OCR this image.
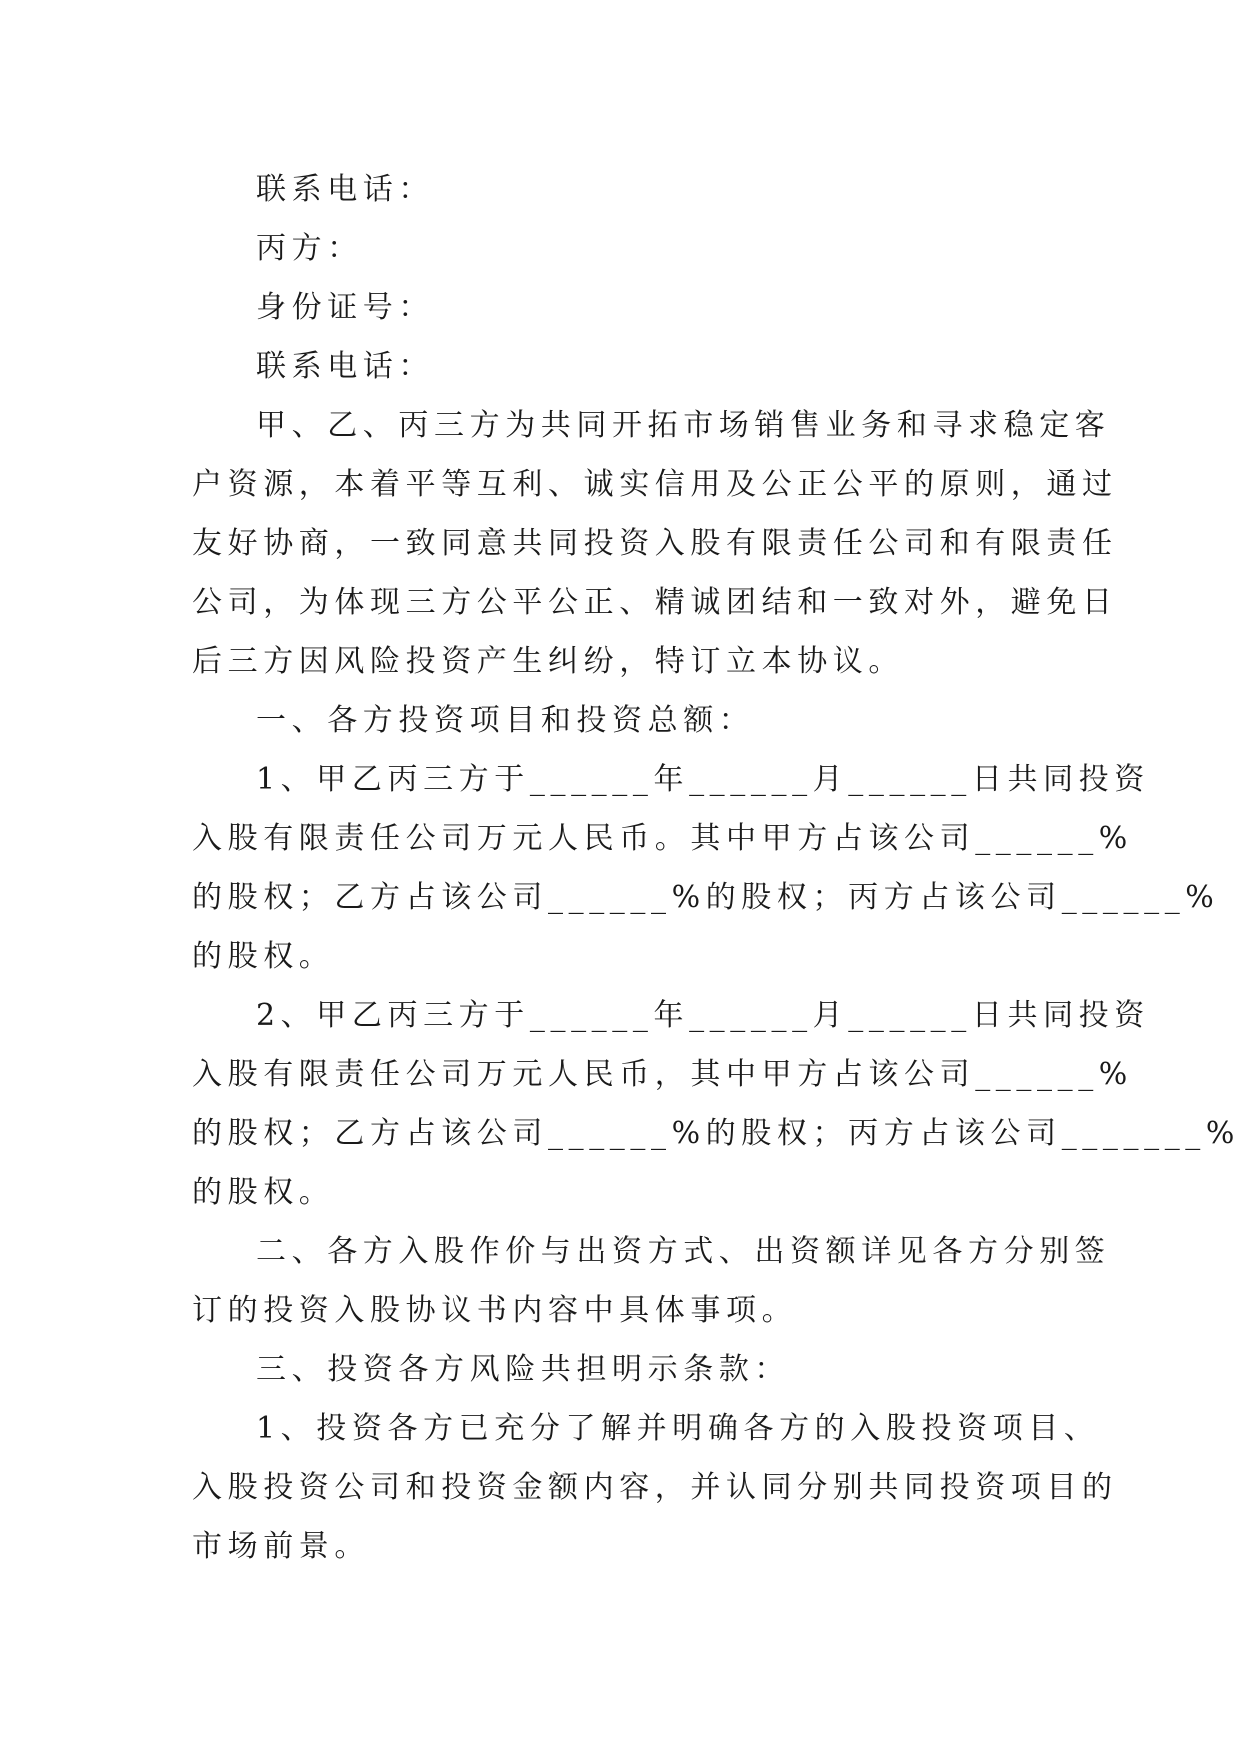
联系电话：
丙方：
身份证号：
联系电话：
甲、乙、丙三方为共同开拓市场销售业务和寻求稳定客
户资源，本着平等互利、诚实信用及公正公平的原则，通过
友好协商，一致同意共同投资入股有限责任公司和有限责任
公司，为体现三方公平公正、精诚团结和一致对外，避免日
后三方因风险投资产生纠纷，特订立本协议。
一、各方投资项目和投资总额：
1、甲乙丙三方于______年______月______日共同投资
入股有限责任公司万元人民币。其中甲方占该公司______%
的股权；乙方占该公司______%的股权；丙方占该公司______%
的股权。
2、甲乙丙三方于______年______月______日共同投资
入股有限责任公司万元人民币，其中甲方占该公司______%
的股权；乙方占该公司______%的股权；丙方占该公司_______%
的股权。
二、各方入股作价与出资方式、出资额详见各方分别签
订的投资入股协议书内容中具体事项。
三、投资各方风险共担明示条款：
1、投资各方已充分了解并明确各方的入股投资项目、
入股投资公司和投资金额内容，并认同分别共同投资项目的
市场前景。
